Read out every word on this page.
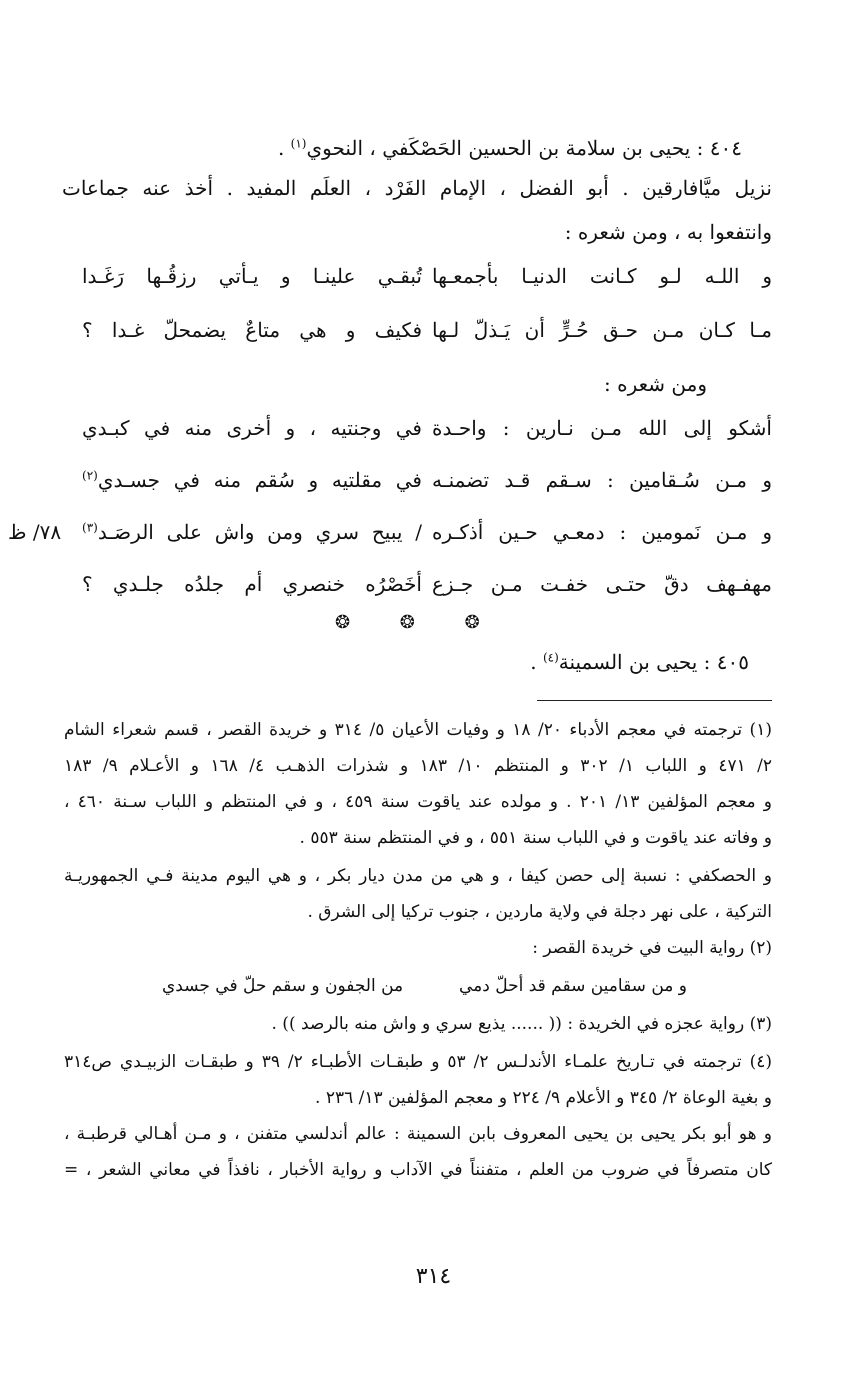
٤٠٤ : يحيى بن سلامة بن الحسين الحَصْكَفي ، النحوي$^{(١)}$ .
نزيل ميَّافارقين . أبو الفضل ، الإمام الفَرْد ، العلَم المفيد . أخذ عنه جماعات
وانتفعوا به ، ومن شعره :
و اللـه لـو كـانت الدنيـا بأجمعـها
تُبقـي علينـا و يـأتي رزقُـها رَغَـدا
مـا كـان مـن حـق حُـرٍّ أن يَـذلّ لـها
فكيف و هي متاعٌ يضمحلّ غـدا ؟
ومن شعره :
أشكو إلى الله مـن نـارين : واحـدة
في وجنتيه ، و أخرى منه في كبـدي
و مـن سُـقامين : سـقم قـد تضمنـه
في مقلتيه و سُقم منه في جسـدي$^{(٢)}$
و مـن نَمومين : دمعـي حـين أذكـره
/ يبيح سري ومن واش على الرصَـد$^{(٣)}$
٧٨/ ظ
مهفـهف دقّ حتـى خفـت مـن جـزع
أخَصْرُه خنصري أم جلدُه جلـدي ؟
❂ ❂ ❂
٤٠٥ : يحيى بن السمينة$^{(٤)}$ .
(١) ترجمته في معجم الأدباء ٢٠/ ١٨ و وفيات الأعيان ٥/ ٣١٤ و خريدة القصر ، قسم شعراء الشام
٢/ ٤٧١ و اللباب ١/ ٣٠٢ و المنتظم ١٠/ ١٨٣ و شذرات الذهـب ٤/ ١٦٨ و الأعـلام ٩/ ١٨٣
و معجم المؤلفين ١٣/ ٢٠١ . و مولده عند ياقوت سنة ٤٥٩ ، و في المنتظم و اللباب سـنة ٤٦٠ ،
و وفاته عند ياقوت و في اللباب سنة ٥٥١ ، و في المنتظم سنة ٥٥٣ .
و الحصكفي : نسبة إلى حصن كيفا ، و هي من مدن ديار بكر ، و هي اليوم مدينة فـي الجمهوريـة
التركية ، على نهر دجلة في ولاية ماردين ، جنوب تركيا إلى الشرق .
(٢) رواية البيت في خريدة القصر :
و من سقامين سقم قد أحلّ دمي
من الجفون و سقم حلّ في جسدي
(٣) رواية عجزه في الخريدة : (( ...... يذيع سري و واش منه بالرصد )) .
(٤) ترجمته في تـاريخ علمـاء الأندلـس ٢/ ٥٣ و طبقـات الأطبـاء ٢/ ٣٩ و طبقـات الزبيـدي ص٣١٤
و بغية الوعاة ٢/ ٣٤٥ و الأعلام ٩/ ٢٢٤ و معجم المؤلفين ١٣/ ٢٣٦ .
و هو أبو بكر يحيى بن يحيى المعروف بابن السمينة : عالم أندلسي متفنن ، و مـن أهـالي قرطبـة ،
كان متصرفاً في ضروب من العلم ، متفنناً في الآداب و رواية الأخبار ، نافذاً في معاني الشعر ، =
٣١٤
